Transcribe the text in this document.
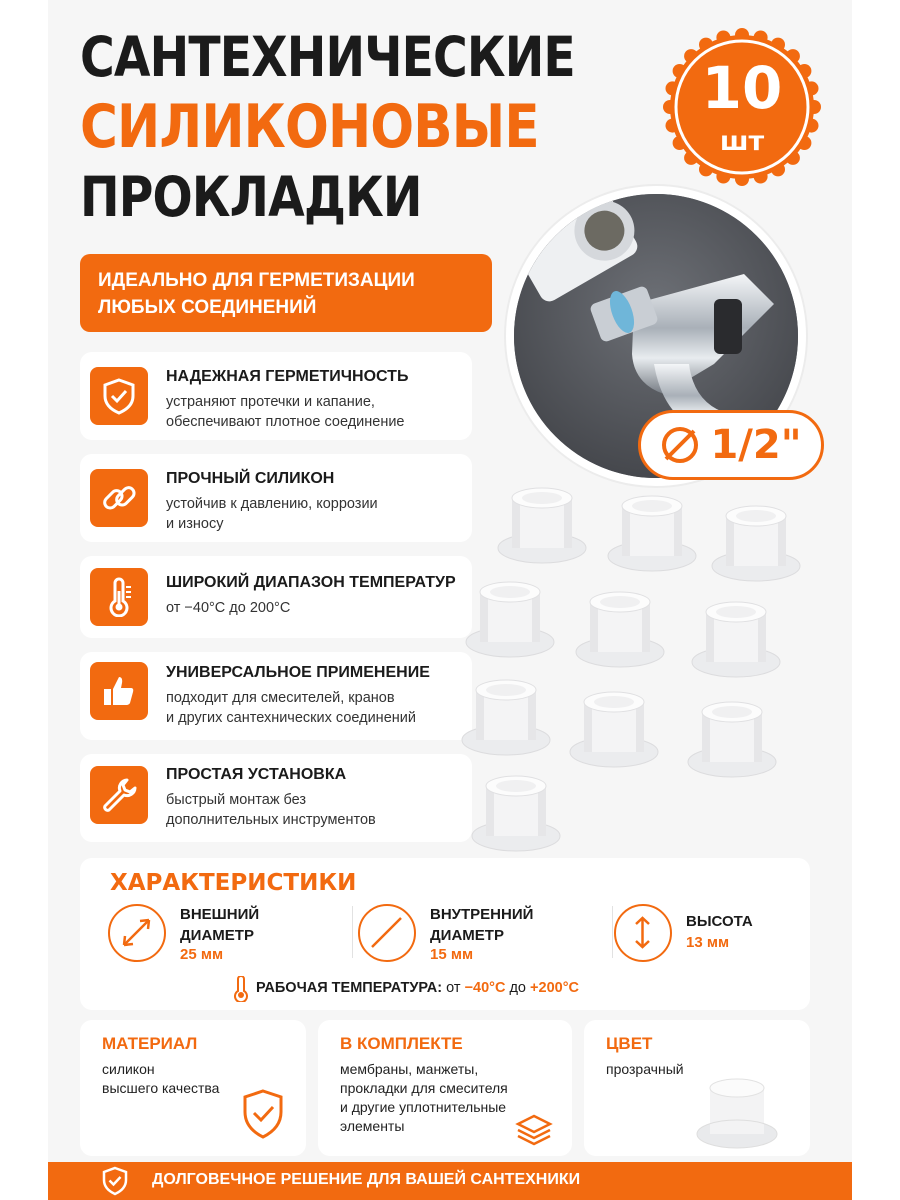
САНТЕХНИЧЕСКИЕ
СИЛИКОНОВЫЕ
ПРОКЛАДКИ
10
шт
ИДЕАЛЬНО ДЛЯ ГЕРМЕТИЗАЦИИ
ЛЮБЫХ СОЕДИНЕНИЙ
1/2"
НАДЕЖНАЯ ГЕРМЕТИЧНОСТЬ
устраняют протечки и капание,
обеспечивают плотное соединение
ПРОЧНЫЙ СИЛИКОН
устойчив к давлению, коррозии
и износу
ШИРОКИЙ ДИАПАЗОН ТЕМПЕРАТУР
от −40°С до 200°С
УНИВЕРСАЛЬНОЕ ПРИМЕНЕНИЕ
подходит для смесителей, кранов
и других сантехнических соединений
ПРОСТАЯ УСТАНОВКА
быстрый монтаж без
дополнительных инструментов
ХАРАКТЕРИСТИКИ
ВНЕШНИЙ
ДИАМЕТР
25 мм
ВНУТРЕННИЙ
ДИАМЕТР
15 мм
ВЫСОТА
13 мм
РАБОЧАЯ ТЕМПЕРАТУРА: от −40°С до +200°С
МАТЕРИАЛ

силикон
высшего качества

В КОМПЛЕКТЕ

мембраны, манжеты,
прокладки для смесителя
и другие уплотнительные
элементы

ЦВЕТ

прозрачный

ДОЛГОВЕЧНОЕ РЕШЕНИЕ ДЛЯ ВАШЕЙ САНТЕХНИКИ
